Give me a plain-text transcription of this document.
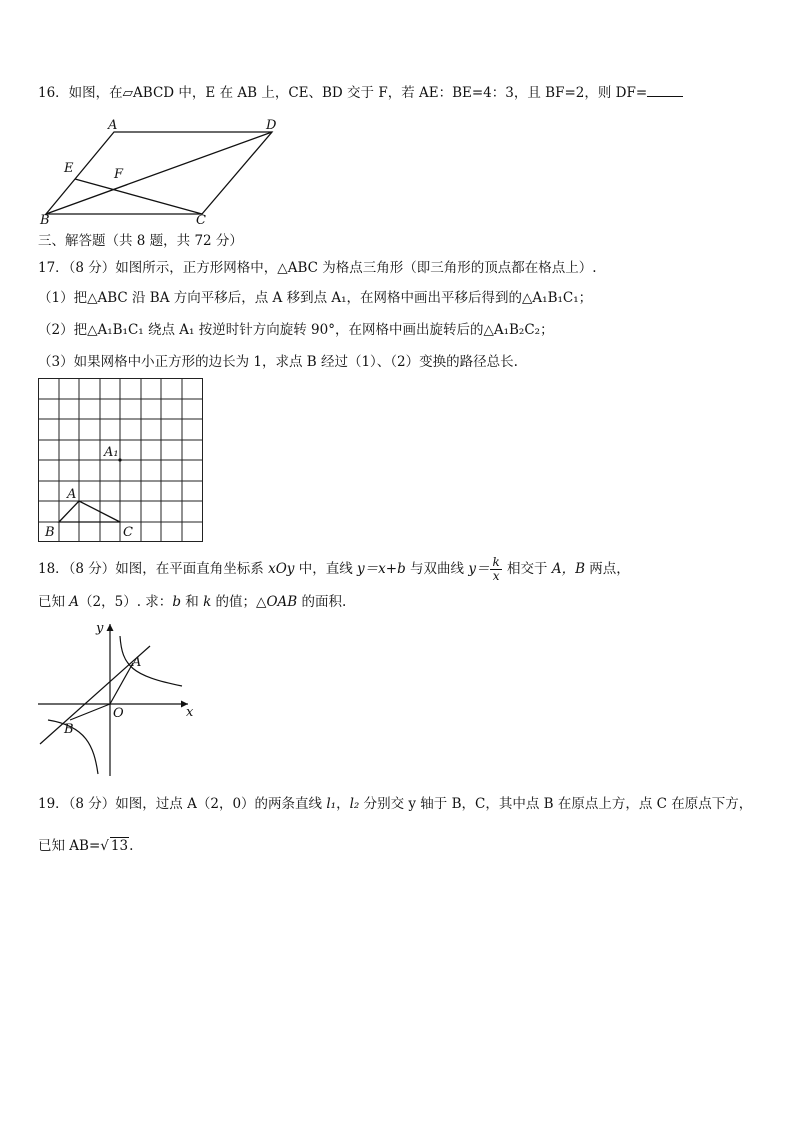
16．如图，在▱ABCD 中，E 在 AB 上，CE、BD 交于 F，若 AE：BE=4：3，且 BF=2，则 DF=
A	D
E	F
B	C
三、解答题（共 8 题，共 72 分）
17．（8 分）如图所示，正方形网格中，△ABC 为格点三角形（即三角形的顶点都在格点上）.
（1）把△ABC 沿 BA 方向平移后，点 A 移到点 A₁，在网格中画出平移后得到的△A₁B₁C₁；
（2）把△A₁B₁C₁ 绕点 A₁ 按逆时针方向旋转 90°，在网格中画出旋转后的△A₁B₂C₂；
（3）如果网格中小正方形的边长为 1，求点 B 经过（1）、（2）变换的路径总长.
A₁
A
B	C
18．（8 分）如图，在平面直角坐标系 xOy 中，直线 y＝x+b 与双曲线 $y= \frac{k}{x}$ 相交于 A，B 两点，
已知 A（2，5）. 求：b 和 k 的值；△OAB 的面积.
y
x
O
A
B
19．（8 分）如图，过点 A（2，0）的两条直线 l₁，l₂ 分别交 y 轴于 B，C，其中点 B 在原点上方，点 C 在原点下方，
已知 AB=√ 13.
